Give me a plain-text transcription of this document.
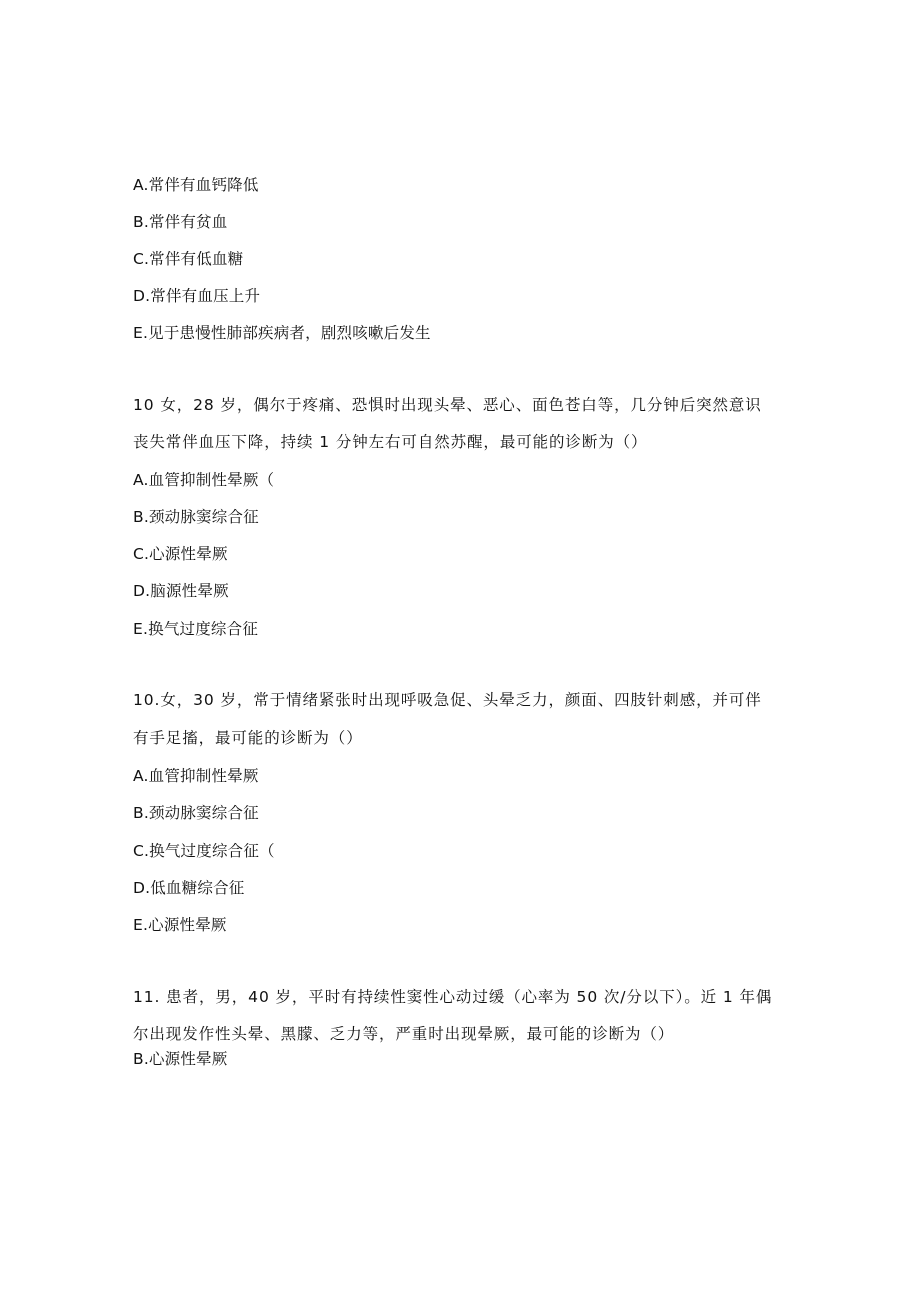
A.常伴有血钙降低
B.常伴有贫血
C.常伴有低血糖
D.常伴有血压上升
E.见于患慢性肺部疾病者，剧烈咳嗽后发生
10 女，28 岁，偶尔于疼痛、恐惧时出现头晕、恶心、面色苍白等，几分钟后突然意识
丧失常伴血压下降，持续 1 分钟左右可自然苏醒，最可能的诊断为（）
A.血管抑制性晕厥（
B.颈动脉窦综合征
C.心源性晕厥
D.脑源性晕厥
E.换气过度综合征
10.女，30 岁，常于情绪紧张时出现呼吸急促、头晕乏力，颜面、四肢针刺感，并可伴
有手足搐，最可能的诊断为（）
A.血管抑制性晕厥
B.颈动脉窦综合征
C.换气过度综合征（
D.低血糖综合征
E.心源性晕厥
11. 患者，男，40 岁，平时有持续性窦性心动过缓（心率为 50 次/分以下）。近 1 年偶
尔出现发作性头晕、黑朦、乏力等，严重时出现晕厥，最可能的诊断为（）
B.心源性晕厥
